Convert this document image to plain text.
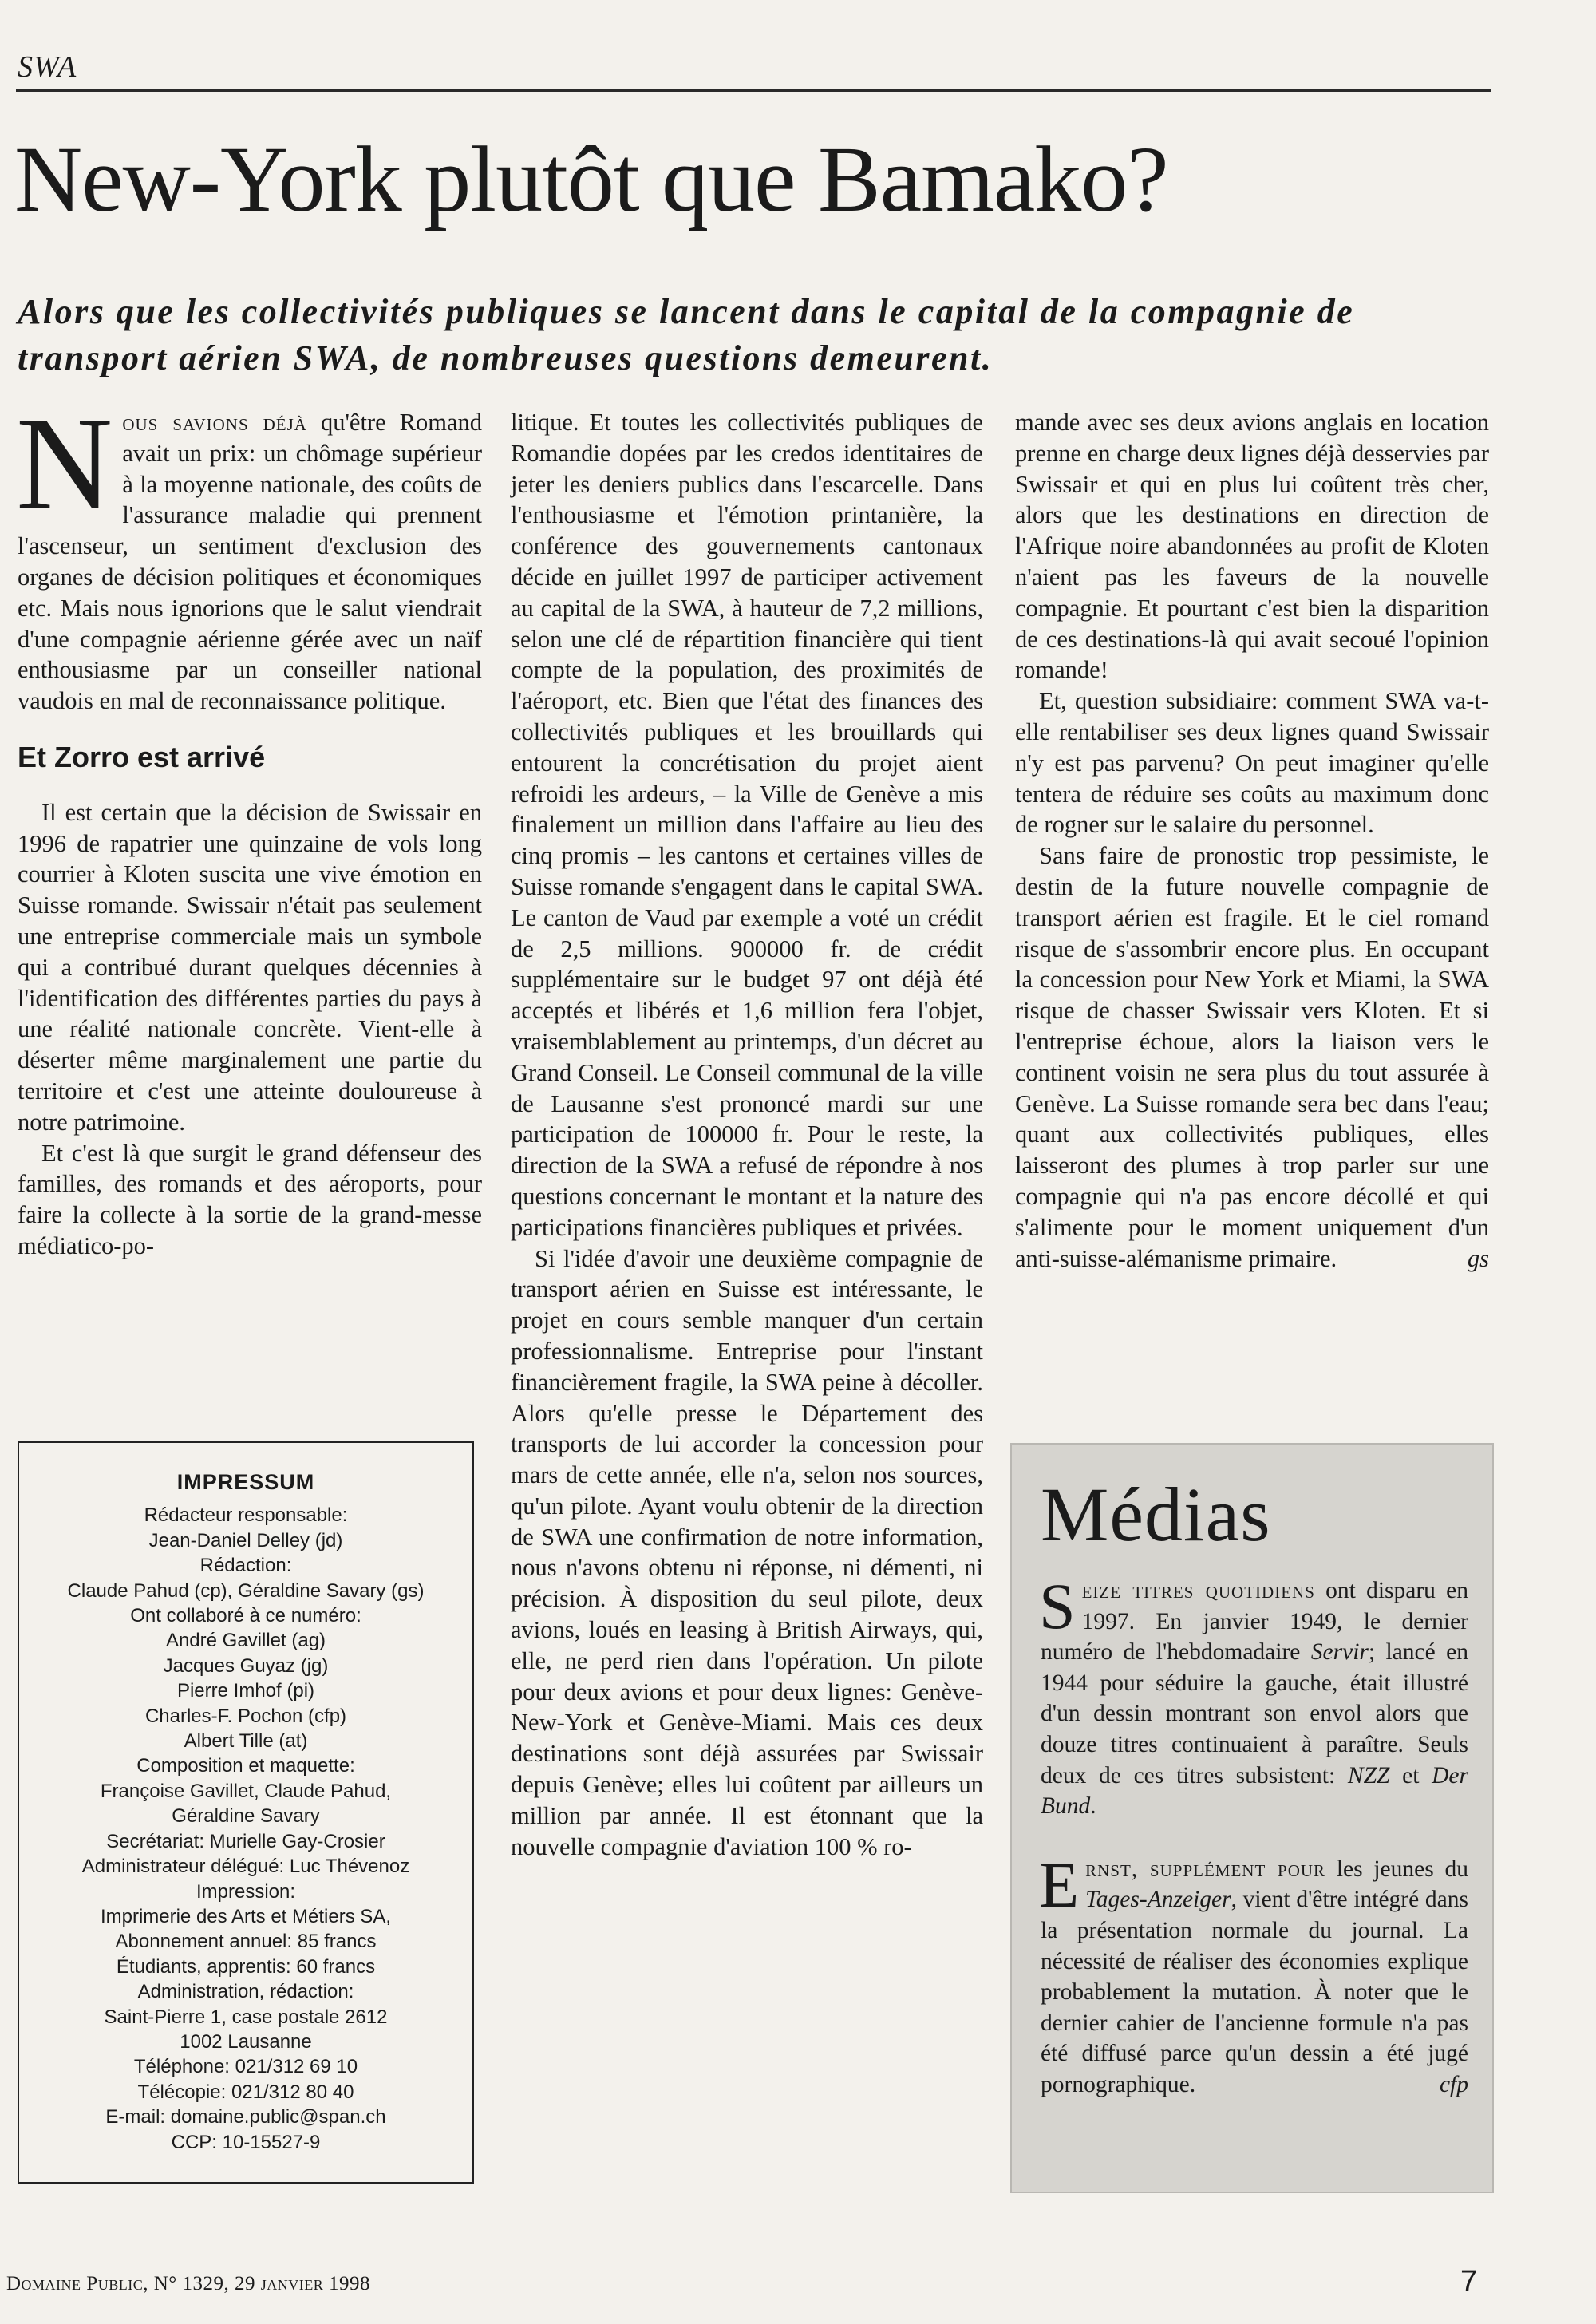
SWA
New-York plutôt que Bamako?
Alors que les collectivités publiques se lancent dans le capital de la compagnie de transport aérien SWA, de nombreuses questions demeurent.

Nous savions déjà qu'être Romand avait un prix: un chômage supérieur à la moyenne nationale, des coûts de l'assurance maladie qui prennent l'ascenseur, un sentiment d'exclusion des organes de décision politiques et économiques etc. Mais nous ignorions que le salut viendrait d'une compagnie aérienne gérée avec un naïf enthousiasme par un conseiller national vaudois en mal de reconnaissance politique.

Et Zorro est arrivé

Il est certain que la décision de Swissair en 1996 de rapatrier une quinzaine de vols long courrier à Kloten suscita une vive émotion en Suisse romande. Swissair n'était pas seulement une entreprise commerciale mais un symbole qui a contribué durant quelques décennies à l'identification des différentes parties du pays à une réalité nationale concrète. Vient-elle à déserter même marginalement une partie du territoire et c'est une atteinte douloureuse à notre patrimoine.

Et c'est là que surgit le grand défenseur des familles, des romands et des aéroports, pour faire la collecte à la sortie de la grand-messe médiatico-po-

litique. Et toutes les collectivités publiques de Romandie dopées par les credos identitaires de jeter les deniers publics dans l'escarcelle. Dans l'enthousiasme et l'émotion printanière, la conférence des gouvernements cantonaux décide en juillet 1997 de participer activement au capital de la SWA, à hauteur de 7,2 millions, selon une clé de répartition financière qui tient compte de la population, des proximités de l'aéroport, etc. Bien que l'état des finances des collectivités publiques et les brouillards qui entourent la concrétisation du projet aient refroidi les ardeurs, – la Ville de Genève a mis finalement un million dans l'affaire au lieu des cinq promis – les cantons et certaines villes de Suisse romande s'engagent dans le capital SWA. Le canton de Vaud par exemple a voté un crédit de 2,5 millions. 900000 fr. de crédit supplémentaire sur le budget 97 ont déjà été acceptés et libérés et 1,6 million fera l'objet, vraisemblablement au printemps, d'un décret au Grand Conseil. Le Conseil communal de la ville de Lausanne s'est prononcé mardi sur une participation de 100000 fr. Pour le reste, la direction de la SWA a refusé de répondre à nos questions concernant le montant et la nature des participations financières publiques et privées.

Si l'idée d'avoir une deuxième compagnie de transport aérien en Suisse est intéressante, le projet en cours semble manquer d'un certain professionnalisme. Entreprise pour l'instant financièrement fragile, la SWA peine à décoller. Alors qu'elle presse le Département des transports de lui accorder la concession pour mars de cette année, elle n'a, selon nos sources, qu'un pilote. Ayant voulu obtenir de la direction de SWA une confirmation de notre information, nous n'avons obtenu ni réponse, ni démenti, ni précision. À disposition du seul pilote, deux avions, loués en leasing à British Airways, qui, elle, ne perd rien dans l'opération. Un pilote pour deux avions et pour deux lignes: Genève-New-York et Genève-Miami. Mais ces deux destinations sont déjà assurées par Swissair depuis Genève; elles lui coûtent par ailleurs un million par année. Il est étonnant que la nouvelle compagnie d'aviation 100 % ro-

mande avec ses deux avions anglais en location prenne en charge deux lignes déjà desservies par Swissair et qui en plus lui coûtent très cher, alors que les destinations en direction de l'Afrique noire abandonnées au profit de Kloten n'aient pas les faveurs de la nouvelle compagnie. Et pourtant c'est bien la disparition de ces destinations-là qui avait secoué l'opinion romande!

Et, question subsidiaire: comment SWA va-t-elle rentabiliser ses deux lignes quand Swissair n'y est pas parvenu? On peut imaginer qu'elle tentera de réduire ses coûts au maximum donc de rogner sur le salaire du personnel.

Sans faire de pronostic trop pessimiste, le destin de la future nouvelle compagnie de transport aérien est fragile. Et le ciel romand risque de s'assombrir encore plus. En occupant la concession pour New York et Miami, la SWA risque de chasser Swissair vers Kloten. Et si l'entreprise échoue, alors la liaison vers le continent voisin ne sera plus du tout assurée à Genève. La Suisse romande sera bec dans l'eau; quant aux collectivités publiques, elles laisseront des plumes à trop parler sur une compagnie qui n'a pas encore décollé et qui s'alimente pour le moment uniquement d'un anti-suisse-alémanisme primaire.	gs

IMPRESSUM
Rédacteur responsable:
Jean-Daniel Delley (jd)
Rédaction:
Claude Pahud (cp), Géraldine Savary (gs)
Ont collaboré à ce numéro:
André Gavillet (ag)
Jacques Guyaz (jg)
Pierre Imhof (pi)
Charles-F. Pochon (cfp)
Albert Tille (at)
Composition et maquette:
Françoise Gavillet, Claude Pahud,
Géraldine Savary
Secrétariat: Murielle Gay-Crosier
Administrateur délégué: Luc Thévenoz
Impression:
Imprimerie des Arts et Métiers SA,
Abonnement annuel: 85 francs
Étudiants, apprentis: 60 francs
Administration, rédaction:
Saint-Pierre 1, case postale 2612
1002 Lausanne
Téléphone: 021/312 69 10
Télécopie: 021/312 80 40
E-mail: domaine.public@span.ch
CCP: 10-15527-9
Médias

Seize titres quotidiens ont disparu en 1997. En janvier 1949, le dernier numéro de l'hebdomadaire Servir; lancé en 1944 pour séduire la gauche, était illustré d'un dessin montrant son envol alors que douze titres continuaient à paraître. Seuls deux de ces titres subsistent: NZZ et Der Bund.

Ernst, supplément pour les jeunes du Tages-Anzeiger, vient d'être intégré dans la présentation normale du journal. La nécessité de réaliser des économies explique probablement la mutation. À noter que le dernier cahier de l'ancienne formule n'a pas été diffusé parce qu'un dessin a été jugé pornographique.	cfp

Domaine Public, N° 1329, 29 janvier 1998	7
